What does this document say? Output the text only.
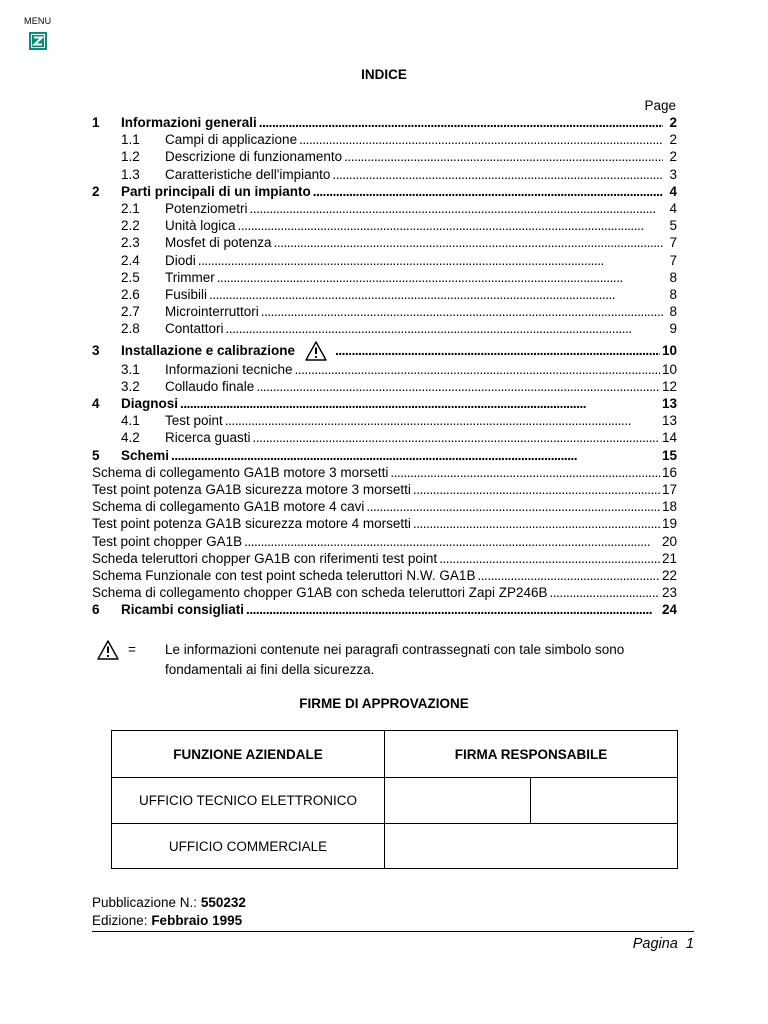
MENU
INDICE
Page
1	Informazioni generali . . .	2
1.1	Campi di applicazione . . .	2
1.2	Descrizione di funzionamento . . .	2
1.3	Caratteristiche dell'impianto . . .	3
2	Parti principali di un impianto . . .	4
2.1	Potenziometri . . .	4
2.2	Unità logica . . .	5
2.3	Mosfet di potenza . . .	7
2.4	Diodi . . .	7
2.5	Trimmer . . .	8
2.6	Fusibili . . .	8
2.7	Microinterruttori . . .	8
2.8	Contattori . . .	9
3	Installazione e calibrazione . . .	10
3.1	Informazioni tecniche . . .	10
3.2	Collaudo finale . . .	12
4	Diagnosi . . .	13
4.1	Test point . . .	13
4.2	Ricerca guasti . . .	14
5	Schemi . . .	15
Schema di collegamento GA1B motore 3 morsetti . . .	16
Test point potenza GA1B sicurezza motore 3 morsetti . . .	17
Schema di collegamento GA1B motore 4 cavi . . .	18
Test point potenza GA1B sicurezza motore 4 morsetti . . .	19
Test point chopper GA1B . . .	20
Scheda teleruttori chopper GA1B con riferimenti test point . . .	21
Schema Funzionale con test point scheda teleruttori N.W. GA1B . . .	22
Schema di collegamento chopper G1AB con scheda teleruttori Zapi ZP246B . . .	23
6	Ricambi consigliati . . .	24
= Le informazioni contenute nei paragrafi contrassegnati con tale simbolo sono fondamentali ai fini della sicurezza.
FIRME DI APPROVAZIONE
FUNZIONE AZIENDALE	FIRMA RESPONSABILE
UFFICIO TECNICO ELETTRONICO
UFFICIO COMMERCIALE
Pubblicazione N.: 550232
Edizione: Febbraio 1995
Pagina  1
